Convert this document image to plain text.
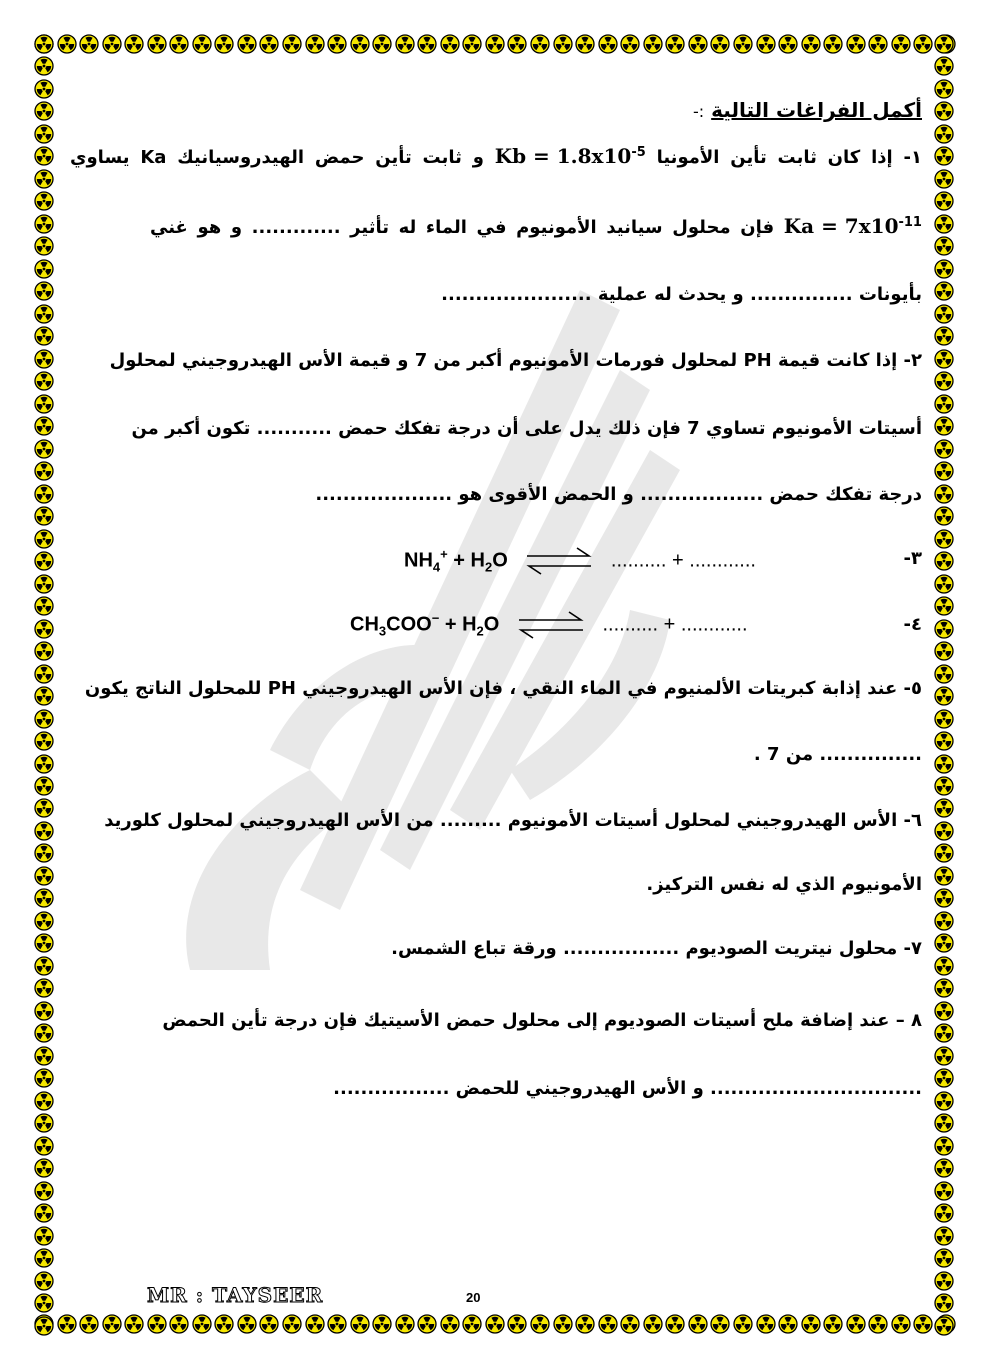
أكمل الفراغات التالية :-
١- إذا كان ثابت تأين الأمونيا $Kb = 1.8x10^{-5}$ و ثابت تأين حمض الهيدروسيانيك Ka يساوي
$Ka = 7x10^{-11}$ فإن محلول سيانيد الأمونيوم في الماء له تأثير ............. و هو غني
بأيونات ............... و يحدث له عملية ......................
٢- إذا كانت قيمة PH لمحلول فورمات الأمونيوم أكبر من 7 و قيمة الأس الهيدروجيني لمحلول
أسيتات الأمونيوم تساوي 7 فإن ذلك يدل على أن درجة تفكك حمض ........... تكون أكبر من
درجة تفكك حمض .................. و الحمض الأقوى هو ....................
٣-
$NH_4^+ + H_2O$ ⇌ .......... + ............
٤-
$CH_3COO^- + H_2O$ ⇌ .......... + ............
٥- عند إذابة كبريتات الألمنيوم في الماء النقي ، فإن الأس الهيدروجيني PH للمحلول الناتج يكون
............... من 7 .
٦- الأس الهيدروجيني لمحلول أسيتات الأمونيوم ......... من الأس الهيدروجيني لمحلول كلوريد
الأمونيوم الذي له نفس التركيز.
٧- محلول نيتريت الصوديوم ................. ورقة تباع الشمس.
٨ – عند إضافة ملح أسيتات الصوديوم إلى محلول حمض الأسيتيك فإن درجة تأين الحمض
............................... و الأس الهيدروجيني للحمض .................
MR : TAYSEER	20
